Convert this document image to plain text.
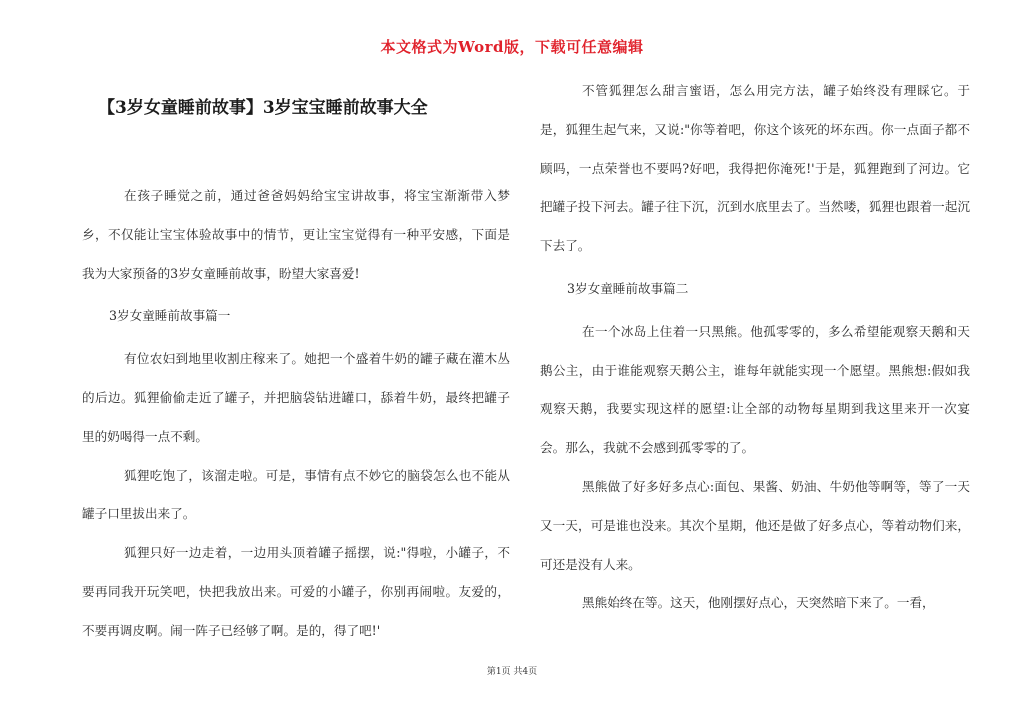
本文格式为Word版，下载可任意编辑
【3岁女童睡前故事】3岁宝宝睡前故事大全

在孩子睡觉之前，通过爸爸妈妈给宝宝讲故事，将宝宝渐渐带入梦乡，不仅能让宝宝体验故事中的情节，更让宝宝觉得有一种平安感，下面是我为大家预备的3岁女童睡前故事，盼望大家喜爱!

3岁女童睡前故事篇一

有位农妇到地里收割庄稼来了。她把一个盛着牛奶的罐子藏在灌木丛的后边。狐狸偷偷走近了罐子，并把脑袋钻进罐口，舔着牛奶，最终把罐子里的奶喝得一点不剩。

狐狸吃饱了，该溜走啦。可是，事情有点不妙它的脑袋怎么也不能从罐子口里拔出来了。

狐狸只好一边走着，一边用头顶着罐子摇摆，说:"得啦，小罐子，不要再同我开玩笑吧，快把我放出来。可爱的小罐子，你别再闹啦。友爱的，不要再调皮啊。闹一阵子已经够了啊。是的，得了吧!'

不管狐狸怎么甜言蜜语，怎么用完方法，罐子始终没有理睬它。于是，狐狸生起气来，又说:"你等着吧，你这个该死的坏东西。你一点面子都不顾吗，一点荣誉也不要吗?好吧，我得把你淹死!'于是，狐狸跑到了河边。它把罐子投下河去。罐子往下沉，沉到水底里去了。当然喽，狐狸也跟着一起沉下去了。

3岁女童睡前故事篇二

在一个冰岛上住着一只黑熊。他孤零零的，多么希望能观察天鹅和天鹅公主，由于谁能观察天鹅公主，谁每年就能实现一个愿望。黑熊想:假如我观察天鹅，我要实现这样的愿望:让全部的动物每星期到我这里来开一次宴会。那么，我就不会感到孤零零的了。

黑熊做了好多好多点心:面包、果酱、奶油、牛奶他等啊等，等了一天又一天，可是谁也没来。其次个星期，他还是做了好多点心，等着动物们来，可还是没有人来。

黑熊始终在等。这天，他刚摆好点心，天突然暗下来了。一看，

第1页 共4页
